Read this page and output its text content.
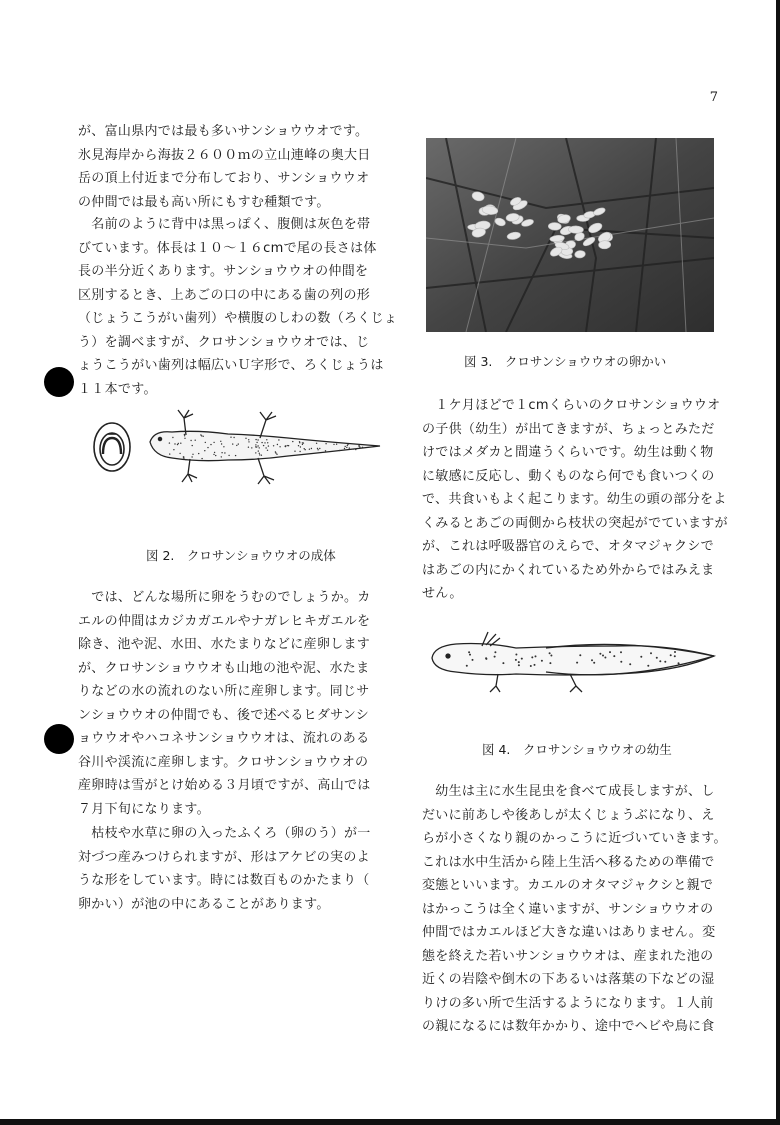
7

が、富山県内では最も多いサンショウウオです。

氷見海岸から海抜２６００ｍの立山連峰の奥大日

岳の頂上付近まで分布しており、サンショウウオ

の仲間では最も高い所にもすむ種類です。

　名前のように背中は黒っぽく、腹側は灰色を帯

びています。体長は１０～１６cmで尾の長さは体

長の半分近くあります。サンショウウオの仲間を

区別するとき、上あごの口の中にある歯の列の形

（じょうこうがい歯列）や横腹のしわの数（ろくじょ

う）を調べますが、クロサンショウウオでは、じ

ょうこうがい歯列は幅広いＵ字形で、ろくじょうは

１１本です。

図 2.　クロサンショウウオの成体

　では、どんな場所に卵をうむのでしょうか。カ

エルの仲間はカジカガエルやナガレヒキガエルを

除き、池や泥、水田、水たまりなどに産卵します

が、クロサンショウウオも山地の池や泥、水たま

りなどの水の流れのない所に産卵します。同じサ

ンショウウオの仲間でも、後で述べるヒダサンシ

ョウウオやハコネサンショウウオは、流れのある

谷川や渓流に産卵します。クロサンショウウオの

産卵時は雪がとけ始める３月頃ですが、高山では

７月下旬になります。

　枯枝や水草に卵の入ったふくろ（卵のう）が一

対づつ産みつけられますが、形はアケビの実のよ

うな形をしています。時には数百ものかたまり（

卵かい）が池の中にあることがあります。

図 3.　クロサンショウウオの卵かい

　１ケ月ほどで１cmくらいのクロサンショウウオ

の子供（幼生）が出てきますが、ちょっとみただ

けではメダカと間違うくらいです。幼生は動く物

に敏感に反応し、動くものなら何でも食いつくの

で、共食いもよく起こります。幼生の頭の部分をよ

くみるとあごの両側から枝状の突起がでていますが

が、これは呼吸器官のえらで、オタマジャクシで

はあごの内にかくれているため外からではみえま

せん。

図 4.　クロサンショウウオの幼生

　幼生は主に水生昆虫を食べて成長しますが、し

だいに前あしや後あしが太くじょうぶになり、え

らが小さくなり親のかっこうに近づいていきます。

これは水中生活から陸上生活へ移るための準備で

変態といいます。カエルのオタマジャクシと親で

はかっこうは全く違いますが、サンショウウオの

仲間ではカエルほど大きな違いはありません。変

態を終えた若いサンショウウオは、産まれた池の

近くの岩陰や倒木の下あるいは落葉の下などの湿

りけの多い所で生活するようになります。１人前

の親になるには数年かかり、途中でヘビや鳥に食
